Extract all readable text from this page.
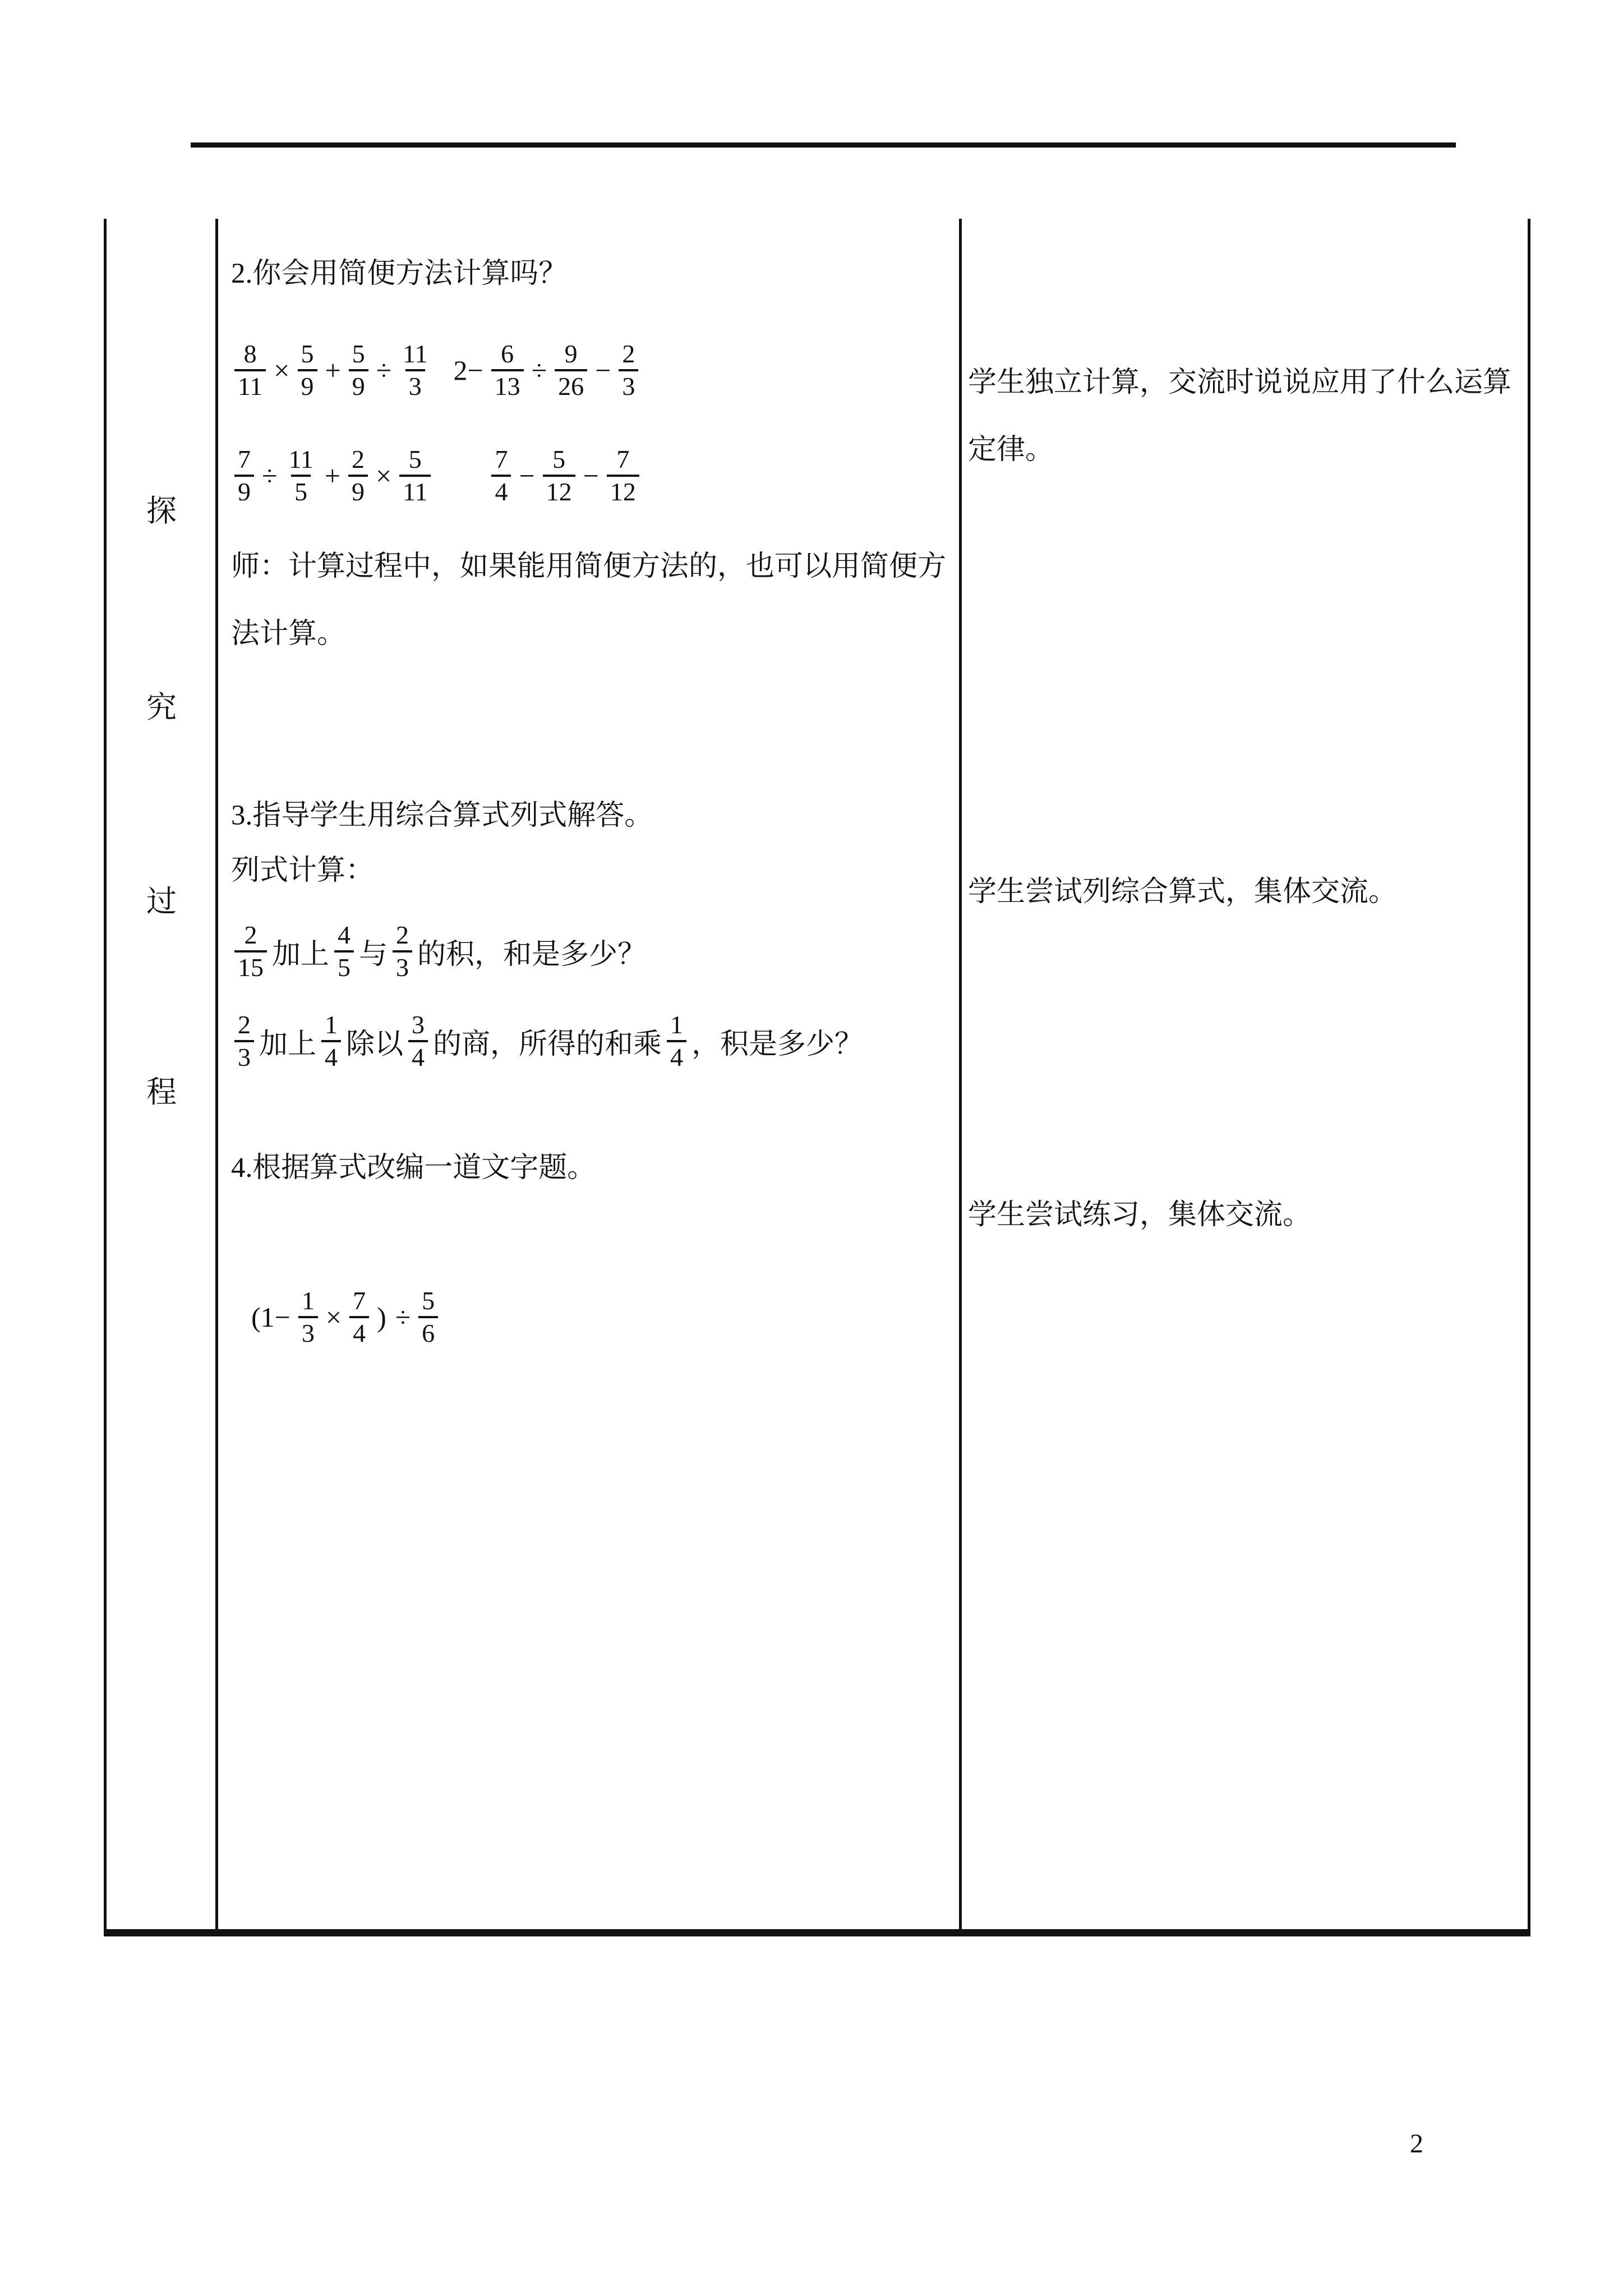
探
究
过
程
2.你会用简便方法计算吗？
$\frac{8}{11} \times \frac{5}{9} + \frac{5}{9} \div \frac{11}{3} 2- \frac{6}{13} \div \frac{9}{26} - \frac{2}{3}$
$\frac{7}{9} \div \frac{11}{5} + \frac{2}{9} \times \frac{5}{11} \frac{7}{4} - \frac{5}{12} - \frac{7}{12}$
师：计算过程中，如果能用简便方法的，也可以用简便方
法计算。
3.指导学生用综合算式列式解答。
列式计算：
$\frac{2}{15}$ 加上 $\frac{4}{5}$ 与 $\frac{2}{3}$ 的积，和是多少？
$\frac{2}{3}$ 加上 $\frac{1}{4}$ 除以 $\frac{3}{4}$ 的商，所得的和乘 $\frac{1}{4}$ ，积是多少？
4.根据算式改编一道文字题。
($1- \frac{1}{3} \times \frac{7}{4}$ ) ÷ $\frac{5}{6}$
学生独立计算，交流时说说应用了什么运算
定律。
学生尝试列综合算式，集体交流。
学生尝试练习，集体交流。
2
